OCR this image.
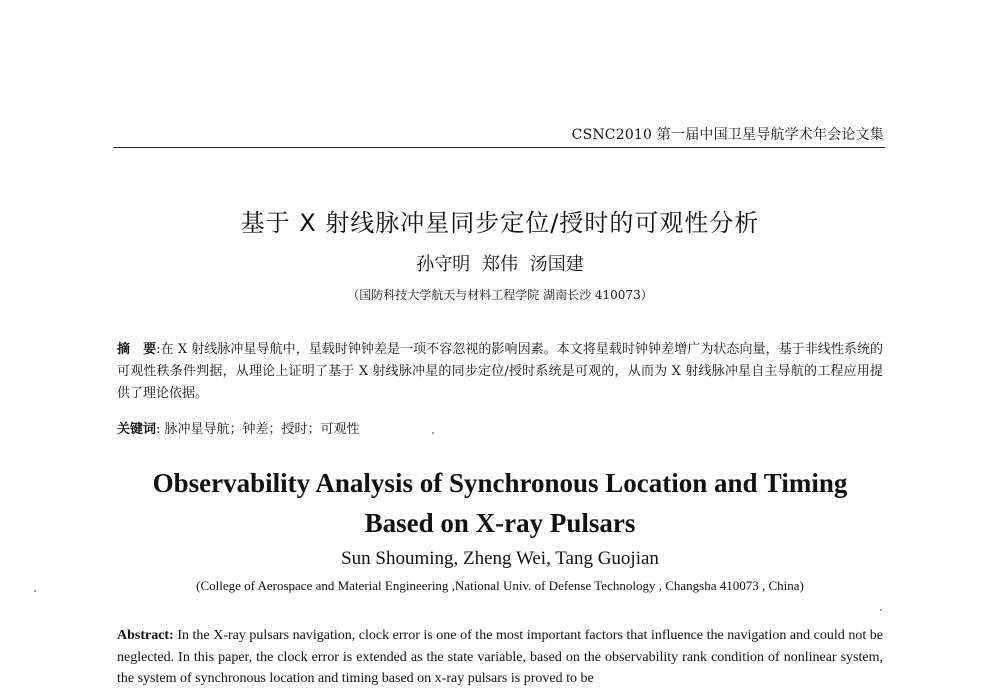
CSNC2010 第一届中国卫星导航学术年会论文集
基于 X 射线脉冲星同步定位/授时的可观性分析
孙守明 郑伟 汤国建
（国防科技大学航天与材料工程学院 湖南长沙 410073）
摘　要:在 X 射线脉冲星导航中，星载时钟钟差是一项不容忽视的影响因素。本文将星载时钟钟差增广为状态向量，基于非线性系统的可观性秩条件判据，从理论上证明了基于 X 射线脉冲星的同步定位/授时系统是可观的，从而为 X 射线脉冲星自主导航的工程应用提供了理论依据。
关键词: 脉冲星导航；钟差；授时；可观性
Observability Analysis of Synchronous Location and Timing
Based on X-ray Pulsars
Sun Shouming, Zheng Wei, Tang Guojian
(College of Aerospace and Material Engineering ,National Univ. of Defense Technology , Changsha 410073 , China)
Abstract: In the X-ray pulsars navigation, clock error is one of the most important factors that influence the navigation and could not be neglected. In this paper, the clock error is extended as the state variable, based on the observability rank condition of nonlinear system, the system of synchronous location and timing based on x-ray pulsars is proved to be
